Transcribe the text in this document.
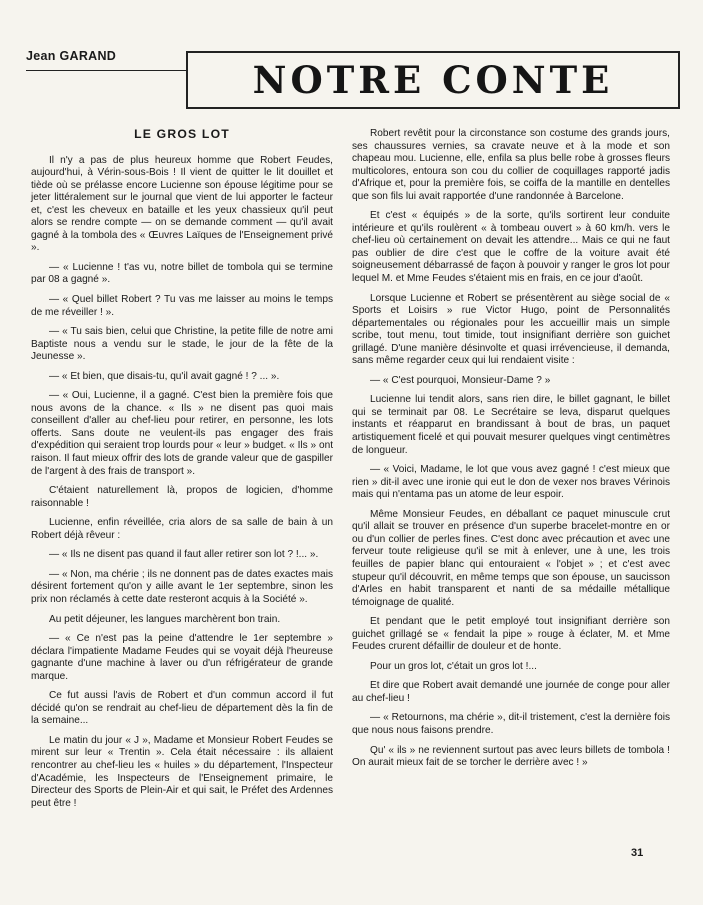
Jean GARAND
NOTRE CONTE

LE GROS LOT

Il n'y a pas de plus heureux homme que Robert Feudes, aujourd'hui, à Vérin-sous-Bois ! Il vient de quitter le lit douillet et tiède où se prélasse encore Lucienne son épouse légitime pour se jeter littéralement sur le journal que vient de lui apporter le facteur et, c'est les cheveux en bataille et les yeux chassieux qu'il peut alors se rendre compte — on se demande comment — qu'il avait gagné à la tombola des « Œuvres Laïques de l'Enseignement privé ».

— « Lucienne ! t'as vu, notre billet de tombola qui se termine par 08 a gagné ».

— « Quel billet Robert ? Tu vas me laisser au moins le temps de me réveiller ! ».

— « Tu sais bien, celui que Christine, la petite fille de notre ami Baptiste nous a vendu sur le stade, le jour de la fête de la Jeunesse ».

— « Et bien, que disais-tu, qu'il avait gagné ! ? ... ».

— « Oui, Lucienne, il a gagné. C'est bien la première fois que nous avons de la chance. « Ils » ne disent pas quoi mais conseillent d'aller au chef-lieu pour retirer, en personne, les lots offerts. Sans doute ne veulent-ils pas engager des frais d'expédition qui seraient trop lourds pour « leur » budget. « Ils » ont raison. Il faut mieux offrir des lots de grande valeur que de gaspiller de l'argent à des frais de transport ».

C'étaient naturellement là, propos de logicien, d'homme raisonnable !

Lucienne, enfin réveillée, cria alors de sa salle de bain à un Robert déjà rêveur :

— « Ils ne disent pas quand il faut aller retirer son lot ? !... ».

— « Non, ma chérie ; ils ne donnent pas de dates exactes mais désirent fortement qu'on y aille avant le 1er septembre, sinon les prix non réclamés à cette date resteront acquis à la Société ».

Au petit déjeuner, les langues marchèrent bon train.

— « Ce n'est pas la peine d'attendre le 1er septembre » déclara l'impatiente Madame Feudes qui se voyait déjà l'heureuse gagnante d'une machine à laver ou d'un réfrigérateur de grande marque.

Ce fut aussi l'avis de Robert et d'un commun accord il fut décidé qu'on se rendrait au chef-lieu de département dès la fin de la semaine...

Le matin du jour « J », Madame et Monsieur Robert Feudes se mirent sur leur « Trentin ». Cela était nécessaire : ils allaient rencontrer au chef-lieu les « huiles » du département, l'Inspecteur d'Académie, les Inspecteurs de l'Enseignement primaire, le Directeur des Sports de Plein-Air et qui sait, le Préfet des Ardennes peut être !

Robert revêtit pour la circonstance son costume des grands jours, ses chaussures vernies, sa cravate neuve et à la mode et son chapeau mou. Lucienne, elle, enfila sa plus belle robe à grosses fleurs multicolores, entoura son cou du collier de coquillages rapporté jadis d'Afrique et, pour la première fois, se coiffa de la mantille en dentelles que son fils lui avait rapportée d'une randonnée à Barcelone.

Et c'est « équipés » de la sorte, qu'ils sortirent leur conduite intérieure et qu'ils roulèrent « à tombeau ouvert » à 60 km/h. vers le chef-lieu où certainement on devait les attendre... Mais ce qui ne faut pas oublier de dire c'est que le coffre de la voiture avait été soigneusement débarrassé de façon à pouvoir y ranger le gros lot pour lequel M. et Mme Feudes s'étaient mis en frais, en ce jour d'août.

Lorsque Lucienne et Robert se présentèrent au siège social de « Sports et Loisirs » rue Victor Hugo, point de Personnalités départementales ou régionales pour les accueillir mais un simple scribe, tout menu, tout timide, tout insignifiant derrière son guichet grillagé. D'une manière désinvolte et quasi irrévencieuse, il demanda, sans même regarder ceux qui lui rendaient visite :

— « C'est pourquoi, Monsieur-Dame ? »

Lucienne lui tendit alors, sans rien dire, le billet gagnant, le billet qui se terminait par 08. Le Secrétaire se leva, disparut quelques instants et réapparut en brandissant à bout de bras, un paquet artistiquement ficelé et qui pouvait mesurer quelques vingt centimètres de longueur.

— « Voici, Madame, le lot que vous avez gagné ! c'est mieux que rien » dit-il avec une ironie qui eut le don de vexer nos braves Vérinois mais qui n'entama pas un atome de leur espoir.

Même Monsieur Feudes, en déballant ce paquet minuscule crut qu'il allait se trouver en présence d'un superbe bracelet-montre en or ou d'un collier de perles fines. C'est donc avec précaution et avec une ferveur toute religieuse qu'il se mit à enlever, une à une, les trois feuilles de papier blanc qui entouraient « l'objet » ; et c'est avec stupeur qu'il découvrit, en même temps que son épouse, un saucisson d'Arles en habit transparent et nanti de sa médaille métallique témoignage de qualité.

Et pendant que le petit employé tout insignifiant derrière son guichet grillagé se « fendait la pipe » rouge à éclater, M. et Mme Feudes crurent défaillir de douleur et de honte.

Pour un gros lot, c'était un gros lot !...

Et dire que Robert avait demandé une journée de conge pour aller au chef-lieu !

— « Retournons, ma chérie », dit-il tristement, c'est la dernière fois que nous nous faisons prendre.

Qu' « ils » ne reviennent surtout pas avec leurs billets de tombola ! On aurait mieux fait de se torcher le derrière avec ! »

31
